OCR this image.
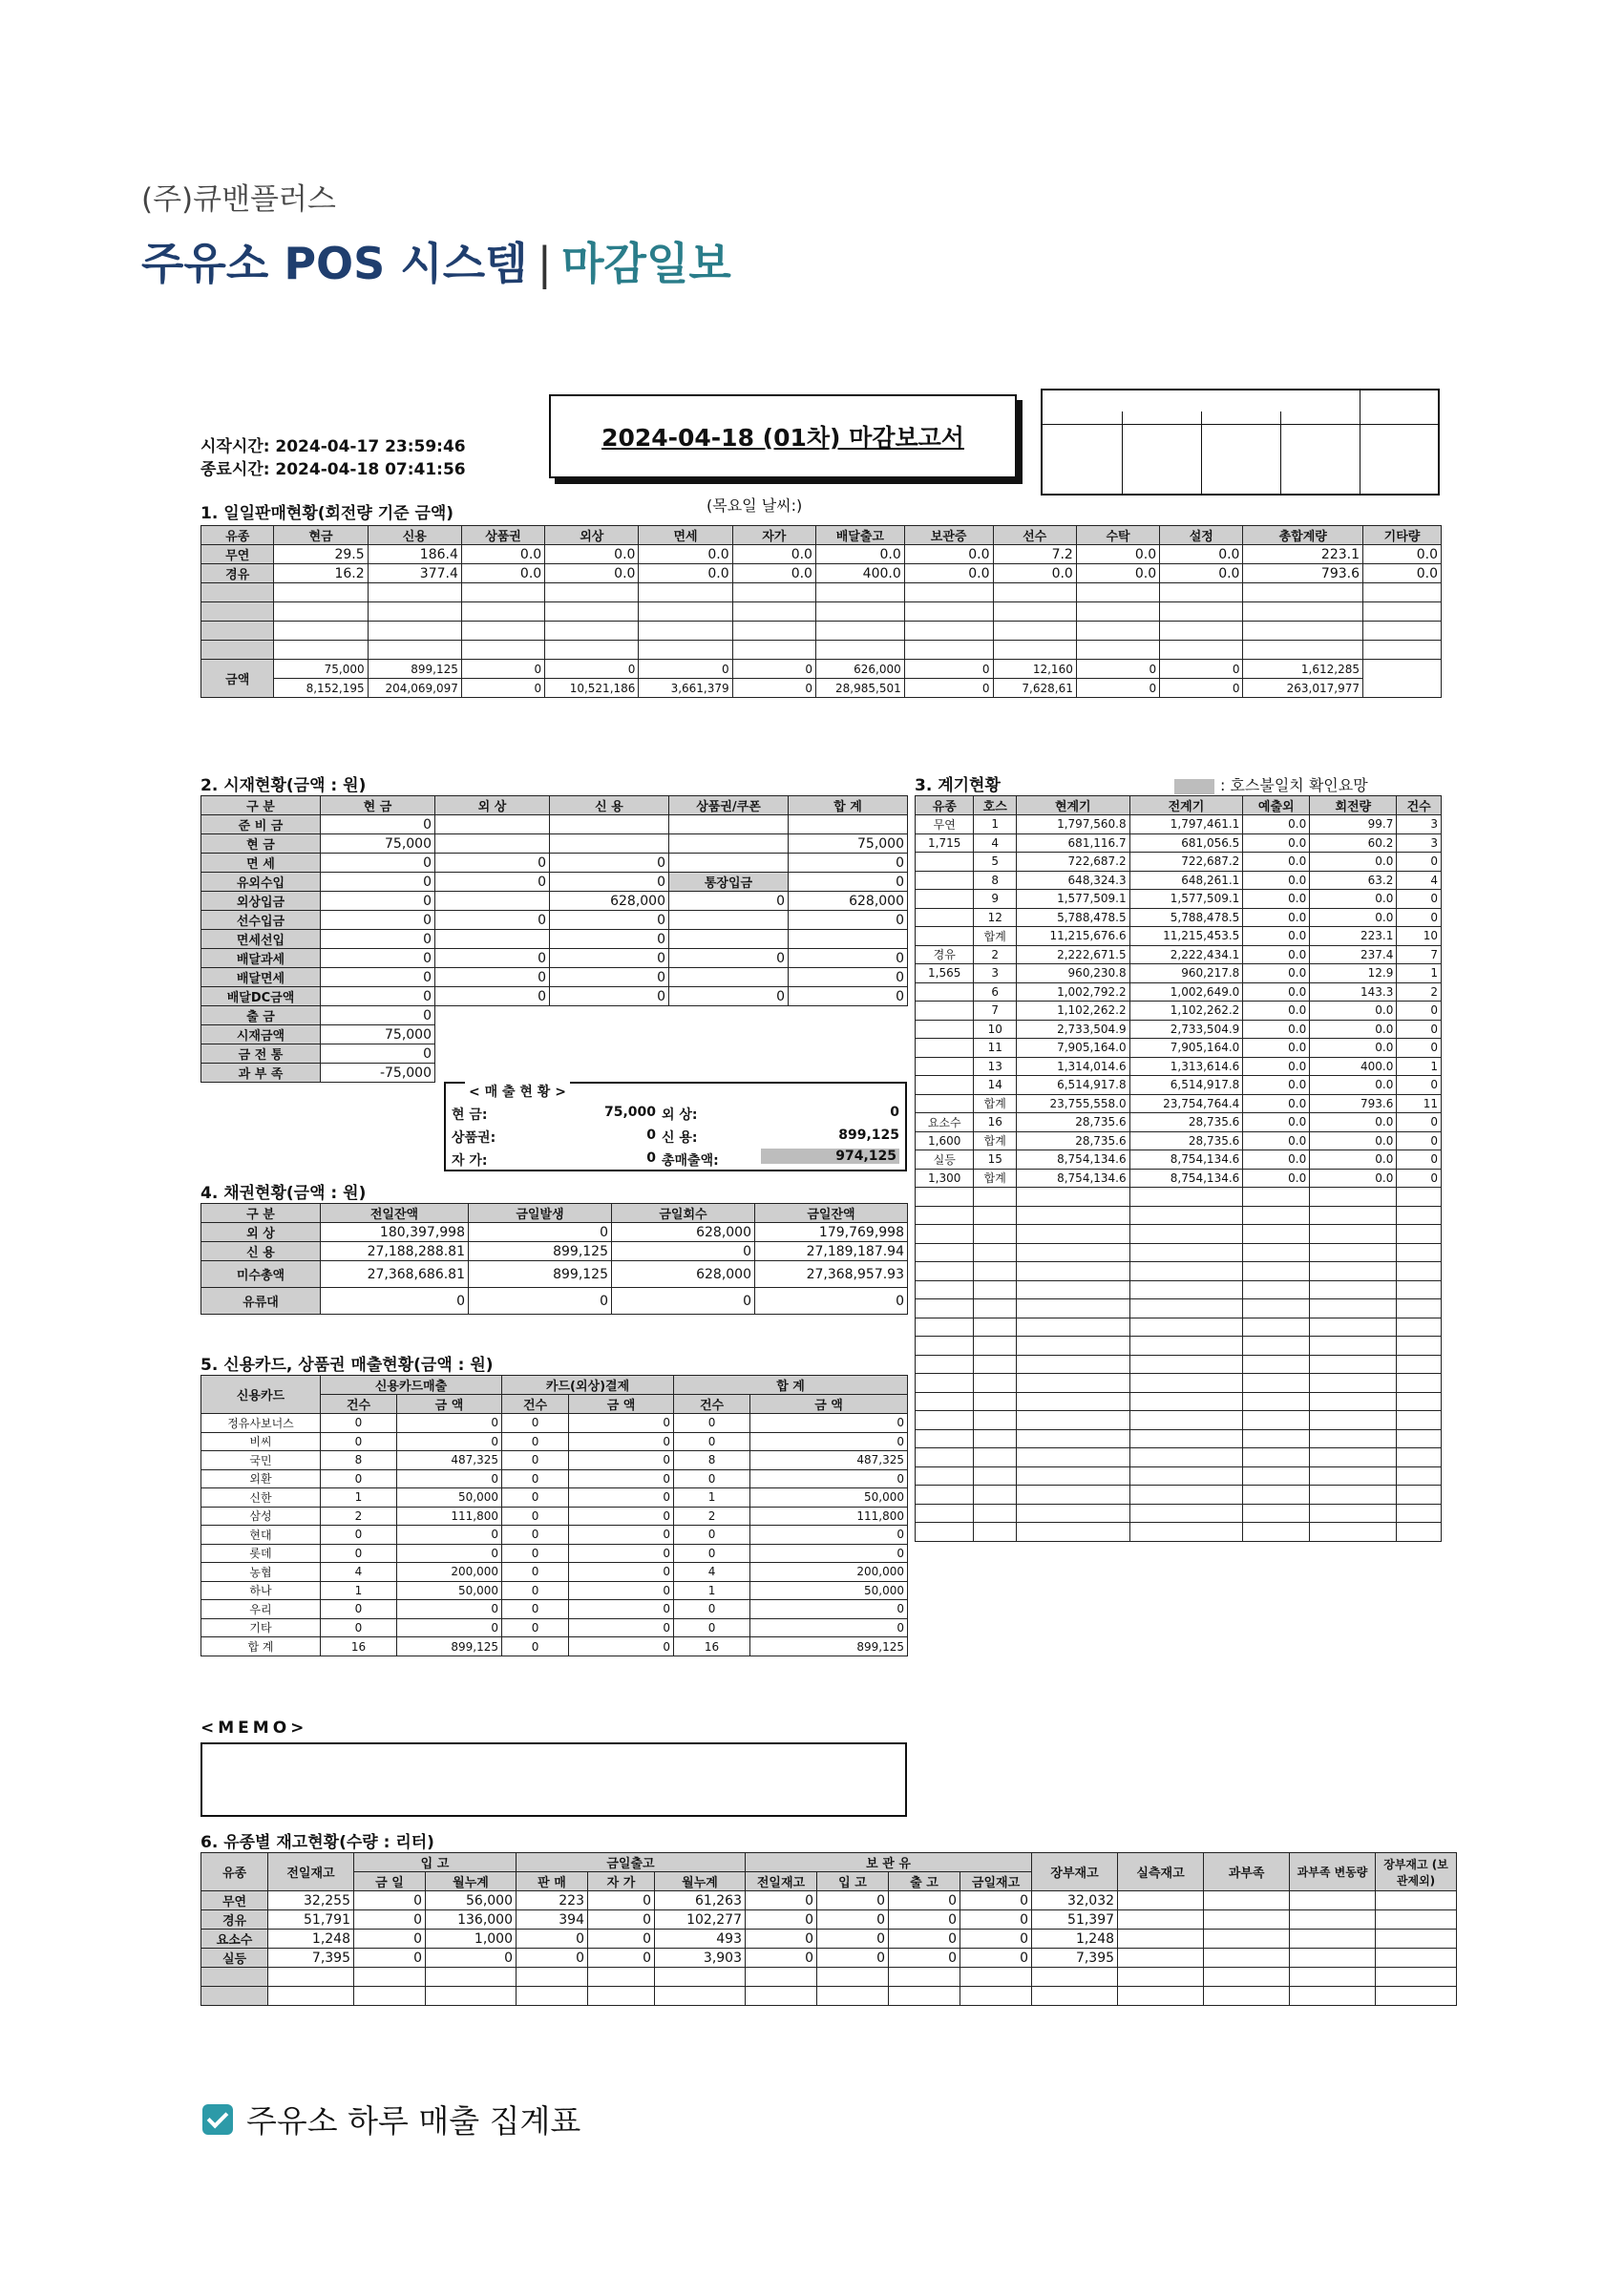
(주)큐밴플러스
주유소 POS 시스템 | 마감일보
시작시간: 2024-04-17 23:59:46
종료시간: 2024-04-18 07:41:56
2024-04-18 (01차) 마감보고서
(목요일 날씨:)
1. 일일판매현황(회전량 기준 금액)
유종	현금	신용	상품권	외상	면세	자가	배달출고	보관증	선수	수탁	설정	총합계량	기타량
무연	29.5	186.4	0.0	0.0	0.0	0.0	0.0	0.0	7.2	0.0	0.0	223.1	0.0
경유	16.2	377.4	0.0	0.0	0.0	0.0	400.0	0.0	0.0	0.0	0.0	793.6	0.0

금액	75,000	899,125	0	0	0	0	626,000	0	12,160	0	0	1,612,285	
	8,152,195	204,069,097	0	10,521,186	3,661,379	0	28,985,501	0	7,628,61	0	0	263,017,977	
2. 시재현황(금액 : 원)
구 분	현 금	외 상	신 용	상품권/쿠폰	합 계
준 비 금	0				
현 금	75,000				75,000
면 세	0	0	0		0
유외수입	0	0	0	통장입금	0
외상입금	0		628,000	0	628,000
선수입금	0	0	0		0
면세선입	0		0		
배달과세	0	0	0	0	0
배달면세	0	0	0		0
배달DC금액	0	0	0	0	0
출 금	0				
시재금액	75,000				
금 전 통	0				
과 부 족	-75,000				
< 매 출 현 황 >
현 금:	75,000 외 상:	0
상품권:	0 신 용:	899,125
자 가:	0 총매출액:	974,125
3. 계기현황	: 호스불일치 확인요망
유종	호스	현계기	전계기	예출외	회전량	건수
무연	1	1,797,560.8	1,797,461.1	0.0	99.7	3
1,715	4	681,116.7	681,056.5	0.0	60.2	3
	5	722,687.2	722,687.2	0.0	0.0	0
	8	648,324.3	648,261.1	0.0	63.2	4
	9	1,577,509.1	1,577,509.1	0.0	0.0	0
	12	5,788,478.5	5,788,478.5	0.0	0.0	0
	합계	11,215,676.6	11,215,453.5	0.0	223.1	10
경유	2	2,222,671.5	2,222,434.1	0.0	237.4	7
1,565	3	960,230.8	960,217.8	0.0	12.9	1
	6	1,002,792.2	1,002,649.0	0.0	143.3	2
	7	1,102,262.2	1,102,262.2	0.0	0.0	0
	10	2,733,504.9	2,733,504.9	0.0	0.0	0
	11	7,905,164.0	7,905,164.0	0.0	0.0	0
	13	1,314,014.6	1,313,614.6	0.0	400.0	1
	14	6,514,917.8	6,514,917.8	0.0	0.0	0
	합계	23,755,558.0	23,754,764.4	0.0	793.6	11
요소수	16	28,735.6	28,735.6	0.0	0.0	0
1,600	합계	28,735.6	28,735.6	0.0	0.0	0
실등	15	8,754,134.6	8,754,134.6	0.0	0.0	0
1,300	합계	8,754,134.6	8,754,134.6	0.0	0.0	0

4. 채권현황(금액 : 원)
구 분	전일잔액	금일발생	금일회수	금일잔액
외 상	180,397,998	0	628,000	179,769,998
신 용	27,188,288.81	899,125	0	27,189,187.94
미수총액	27,368,686.81	899,125	628,000	27,368,957.93
유류대	0	0	0	0
5. 신용카드, 상품권 매출현황(금액 : 원)
신용카드	신용카드매출		카드(외상)결제		합 계	
	건수	금 액	건수	금 액	건수	금 액
정유사보너스	0	0	0	0	0	0
비씨	0	0	0	0	0	0
국민	8	487,325	0	0	8	487,325
외환	0	0	0	0	0	0
신한	1	50,000	0	0	1	50,000
삼성	2	111,800	0	0	2	111,800
현대	0	0	0	0	0	0
롯데	0	0	0	0	0	0
농협	4	200,000	0	0	4	200,000
하나	1	50,000	0	0	1	50,000
우리	0	0	0	0	0	0
기타	0	0	0	0	0	0
합 계	16	899,125	0	0	16	899,125
<MEMO>
6. 유종별 재고현황(수량 : 리터)
유종	전일재고	입 고		금일출고			보 관 유				장부재고	실측재고	과부족	과부족 변동량	장부재고 (보관제외)
		금 일	월누계	판 매	자 가	월누계	전일재고	입 고	출 고	금일재고					
무연	32,255	0	56,000	223	0	61,263	0	0	0	0	32,032				
경유	51,791	0	136,000	394	0	102,277	0	0	0	0	51,397				
요소수	1,248	0	1,000	0	0	493	0	0	0	0	1,248				
실등	7,395	0	0	0	0	3,903	0	0	0	0	7,395				

주유소 하루 매출 집계표
